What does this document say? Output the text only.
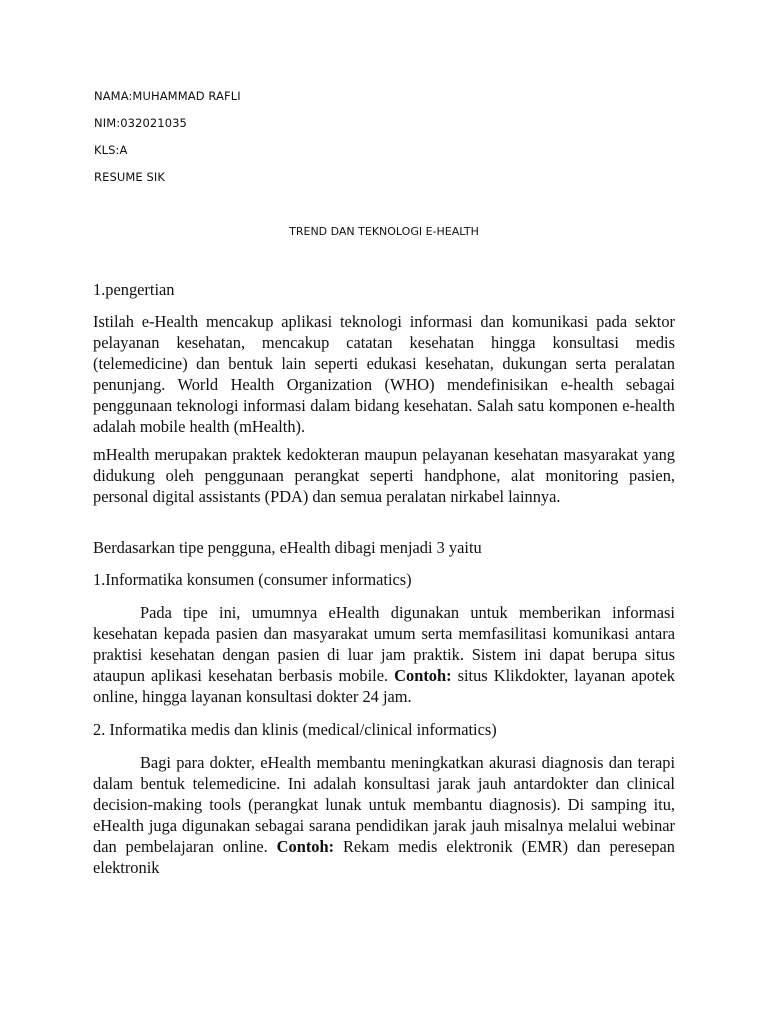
NAMA:MUHAMMAD RAFLI
NIM:032021035
KLS:A
RESUME SIK
TREND DAN TEKNOLOGI E-HEALTH

1.pengertian

Istilah e-Health mencakup aplikasi teknologi informasi dan komunikasi pada sektor pelayanan kesehatan, mencakup catatan kesehatan hingga konsultasi medis (telemedicine) dan bentuk lain seperti edukasi kesehatan, dukungan serta peralatan penunjang. World Health Organization (WHO) mendefinisikan e-health sebagai penggunaan teknologi informasi dalam bidang kesehatan. Salah satu komponen e-health adalah mobile health (mHealth).

mHealth merupakan praktek kedokteran maupun pelayanan kesehatan masyarakat yang didukung oleh penggunaan perangkat seperti handphone, alat monitoring pasien, personal digital assistants (PDA) dan semua peralatan nirkabel lainnya.

Berdasarkan tipe pengguna, eHealth dibagi menjadi 3 yaitu

1.Informatika konsumen (consumer informatics)

Pada tipe ini, umumnya eHealth digunakan untuk memberikan informasi kesehatan kepada pasien dan masyarakat umum serta memfasilitasi komunikasi antara praktisi kesehatan dengan pasien di luar jam praktik. Sistem ini dapat berupa situs ataupun aplikasi kesehatan berbasis mobile. Contoh: situs Klikdokter, layanan apotek online, hingga layanan konsultasi dokter 24 jam.

2. Informatika medis dan klinis (medical/clinical informatics)

Bagi para dokter, eHealth membantu meningkatkan akurasi diagnosis dan terapi dalam bentuk telemedicine. Ini adalah konsultasi jarak jauh antardokter dan clinical decision-making tools (perangkat lunak untuk membantu diagnosis). Di samping itu, eHealth juga digunakan sebagai sarana pendidikan jarak jauh misalnya melalui webinar dan pembelajaran online. Contoh: Rekam medis elektronik (EMR) dan peresepan elektronik
